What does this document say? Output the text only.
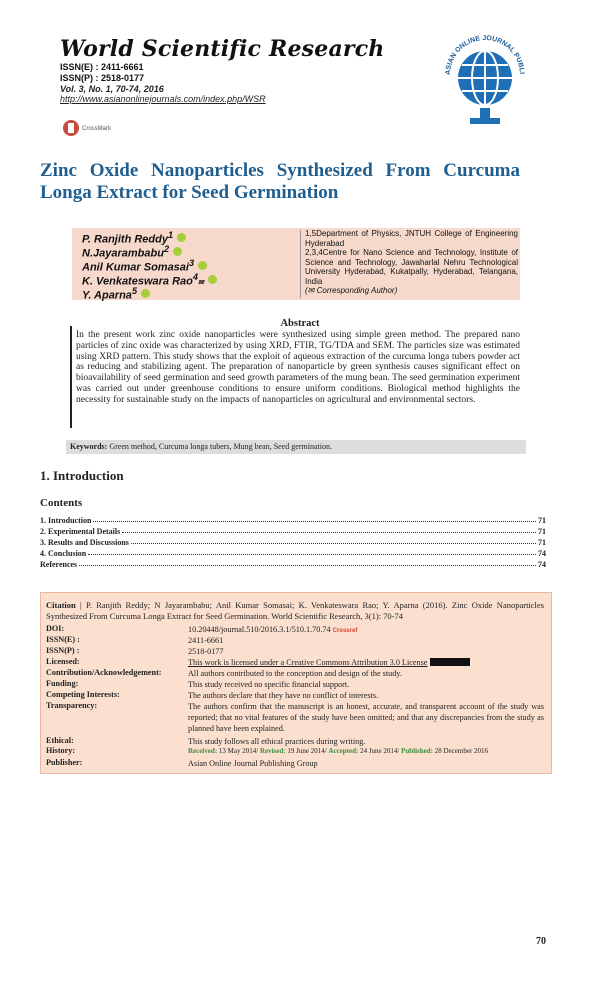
World Scientific Research
ISSN(E) : 2411-6661
ISSN(P) : 2518-0177
Vol. 3, No. 1, 70-74, 2016
http://www.asianonlinejournals.com/index.php/WSR
CrossMark
ASIAN ONLINE JOURNAL PUBLI
Zinc Oxide Nanoparticles Synthesized From Curcuma Longa Extract for Seed Germination
P. Ranjith Reddy$^1$
N.Jayarambabu$^2$
Anil Kumar Somasai$^3$
K. Venkateswara Rao$^4$✉
Y. Aparna$^5$
1,5Department of Physics, JNTUH College of Engineering Hyderabad
2,3,4Centre for Nano Science and Technology, Institute of Science and Technology, Jawaharlal Nehru Technological University Hyderabad, Kukatpally, Hyderabad, Telangana, India
(✉ Corresponding Author)
Abstract
In the present work zinc oxide nanoparticles were synthesized using simple green method. The prepared nano particles of zinc oxide was characterized by using XRD, FTIR, TG/TDA and SEM. The particles size was estimated using XRD pattern. This study shows that the exploit of aqueous extraction of the curcuma longa tubers powder act as reducing and stabilizing agent. The preparation of nanoparticle by green synthesis causes significant effect on bioavailability of seed germination and seed growth parameters of the mung bean. The seed germination experiment was carried out under greenhouse conditions to ensure uniform conditions. Biological method highlights the necessity for sustainable study on the impacts of nanoparticles on agricultural and environmental sectors.
Keywords: Green method, Curcuma longa tubers, Mung bean, Seed germination.
1. Introduction
Contents
1. Introduction	71
2. Experimental Details	71
3. Results and Discussions	71
4. Conclusion	74
References	74
Citation | P. Ranjith Reddy; N Jayarambabu; Anil Kumar Somasai; K. Venkateswara Rao; Y. Aparna (2016). Zinc Oxide Nanoparticles Synthesized From Curcuma Longa Extract for Seed Germination. World Scientific Research, 3(1): 70-74
DOI:	10.20448/journal.510/2016.3.1/510.1.70.74 Crossref
ISSN(E) :	2411-6661
ISSN(P) :	2518-0177
Licensed:	This work is licensed under a Creative Commons Attribution 3.0 License
Contribution/Acknowledgement:	All authors contributed to the conception and design of the study.
Funding:	This study received no specific financial support.
Competing Interests:	The authors declare that they have no conflict of interests.
Transparency:	The authors confirm that the manuscript is an honest, accurate, and transparent account of the study was reported; that no vital features of the study have been omitted; and that any discrepancies from the study as planned have been explained.
Ethical:	This study follows all ethical practices during writing.
History:	Received: 13 May 2014/ Revised: 19 June 2014/ Accepted: 24 June 2014/ Published: 28 December 2016
Publisher:	Asian Online Journal Publishing Group
70
